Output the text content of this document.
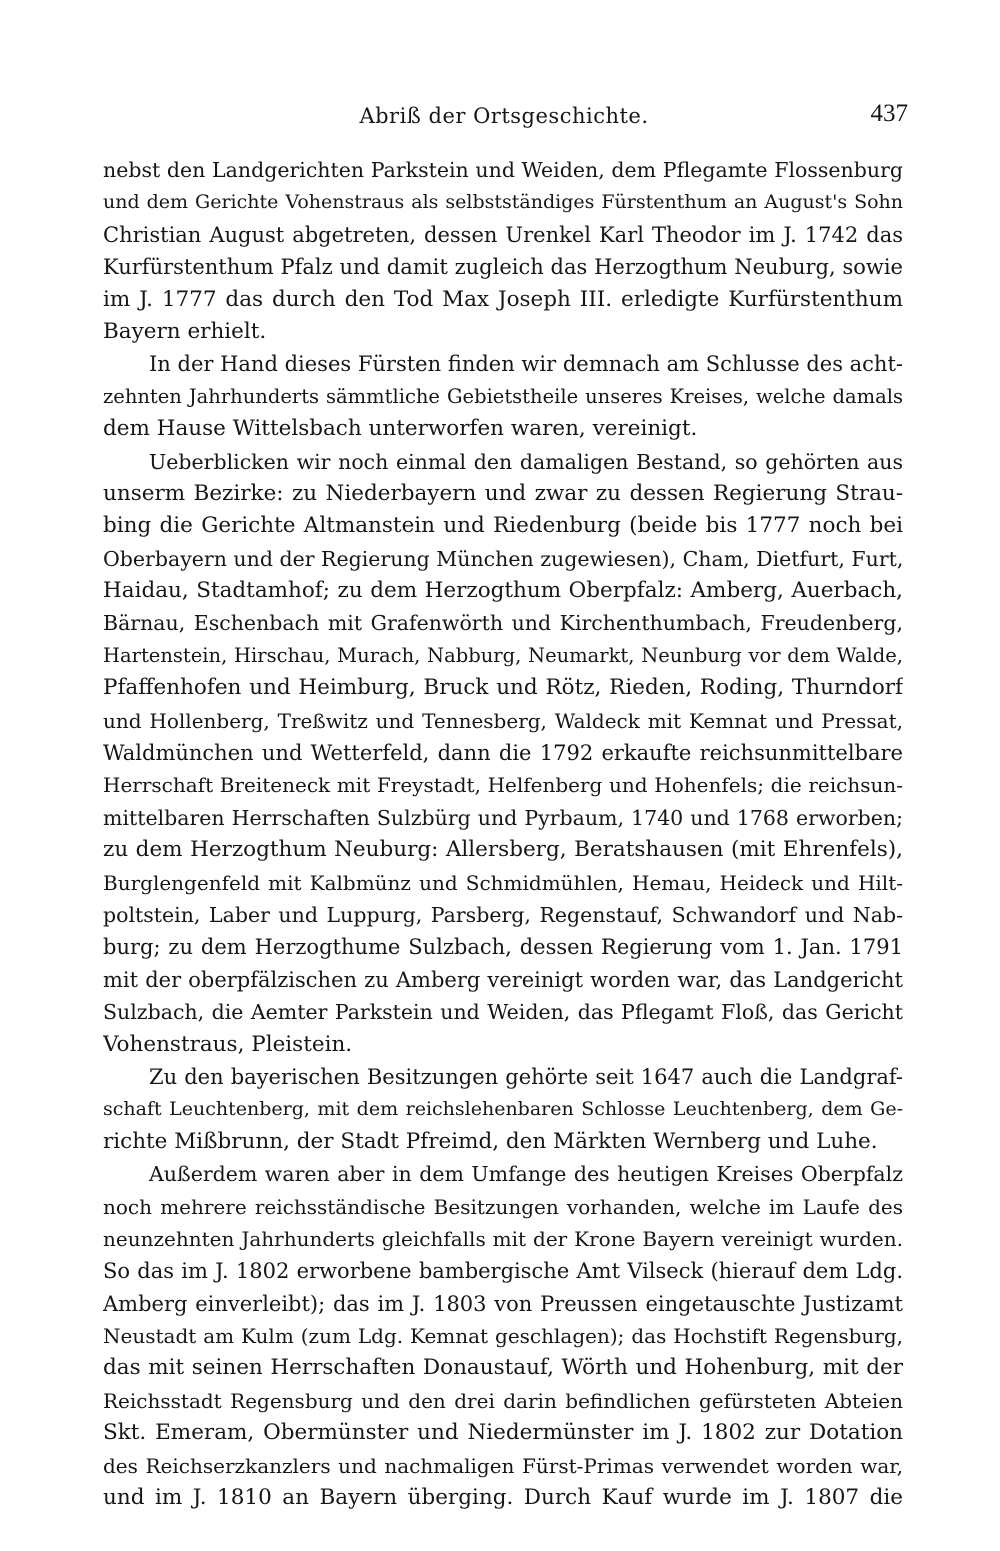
Abriß der Ortsgeschichte.	437
nebst den Landgerichten Parkstein und Weiden, dem Pflegamte Flossenburg
und dem Gerichte Vohenstraus als selbstständiges Fürstenthum an August's Sohn
Christian August abgetreten, dessen Urenkel Karl Theodor im J. 1742 das
Kurfürstenthum Pfalz und damit zugleich das Herzogthum Neuburg, sowie
im J. 1777 das durch den Tod Max Joseph III. erledigte Kurfürstenthum
Bayern erhielt.
In der Hand dieses Fürsten finden wir demnach am Schlusse des acht-
zehnten Jahrhunderts sämmtliche Gebietstheile unseres Kreises, welche damals
dem Hause Wittelsbach unterworfen waren, vereinigt.
Ueberblicken wir noch einmal den damaligen Bestand, so gehörten aus
unserm Bezirke: zu Niederbayern und zwar zu dessen Regierung Strau-
bing die Gerichte Altmanstein und Riedenburg (beide bis 1777 noch bei
Oberbayern und der Regierung München zugewiesen), Cham, Dietfurt, Furt,
Haidau, Stadtamhof; zu dem Herzogthum Oberpfalz: Amberg, Auerbach,
Bärnau, Eschenbach mit Grafenwörth und Kirchenthumbach, Freudenberg,
Hartenstein, Hirschau, Murach, Nabburg, Neumarkt, Neunburg vor dem Walde,
Pfaffenhofen und Heimburg, Bruck und Rötz, Rieden, Roding, Thurndorf
und Hollenberg, Treßwitz und Tennesberg, Waldeck mit Kemnat und Pressat,
Waldmünchen und Wetterfeld, dann die 1792 erkaufte reichsunmittelbare
Herrschaft Breiteneck mit Freystadt, Helfenberg und Hohenfels; die reichsun-
mittelbaren Herrschaften Sulzbürg und Pyrbaum, 1740 und 1768 erworben;
zu dem Herzogthum Neuburg: Allersberg, Beratshausen (mit Ehrenfels),
Burglengenfeld mit Kalbmünz und Schmidmühlen, Hemau, Heideck und Hilt-
poltstein, Laber und Luppurg, Parsberg, Regenstauf, Schwandorf und Nab-
burg; zu dem Herzogthume Sulzbach, dessen Regierung vom 1. Jan. 1791
mit der oberpfälzischen zu Amberg vereinigt worden war, das Landgericht
Sulzbach, die Aemter Parkstein und Weiden, das Pflegamt Floß, das Gericht
Vohenstraus, Pleistein.
Zu den bayerischen Besitzungen gehörte seit 1647 auch die Landgraf-
schaft Leuchtenberg, mit dem reichslehenbaren Schlosse Leuchtenberg, dem Ge-
richte Mißbrunn, der Stadt Pfreimd, den Märkten Wernberg und Luhe.
Außerdem waren aber in dem Umfange des heutigen Kreises Oberpfalz
noch mehrere reichsständische Besitzungen vorhanden, welche im Laufe des
neunzehnten Jahrhunderts gleichfalls mit der Krone Bayern vereinigt wurden.
So das im J. 1802 erworbene bambergische Amt Vilseck (hierauf dem Ldg.
Amberg einverleibt); das im J. 1803 von Preussen eingetauschte Justizamt
Neustadt am Kulm (zum Ldg. Kemnat geschlagen); das Hochstift Regensburg,
das mit seinen Herrschaften Donaustauf, Wörth und Hohenburg, mit der
Reichsstadt Regensburg und den drei darin befindlichen gefürsteten Abteien
Skt. Emeram, Obermünster und Niedermünster im J. 1802 zur Dotation
des Reichserzkanzlers und nachmaligen Fürst-Primas verwendet worden war,
und im J. 1810 an Bayern überging. Durch Kauf wurde im J. 1807 die
